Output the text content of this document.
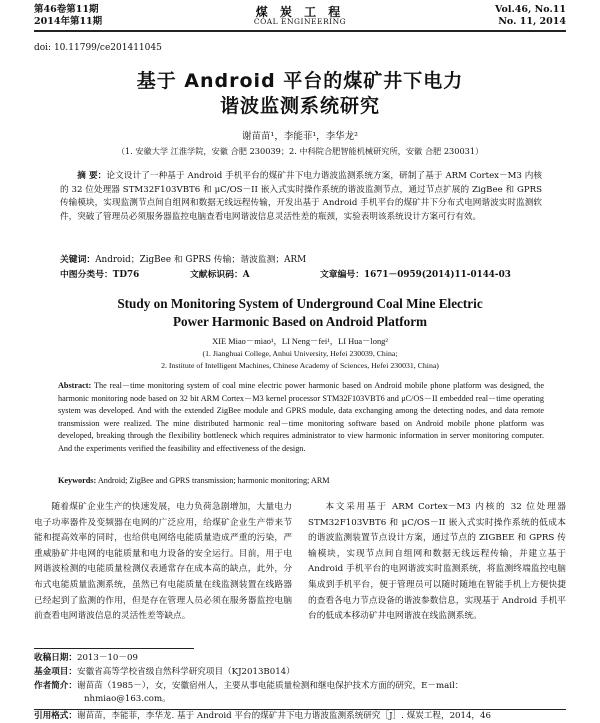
第46卷第11期
2014年第11期
煤 炭 工 程
COAL ENGINEERING
Vol.46, No.11
No. 11, 2014
doi: 10.11799/ce201411045
基于 Android 平台的煤矿井下电力
谐波监测系统研究
谢苗苗¹，李能菲¹，李华龙²
（1. 安徽大学 江淮学院，安徽 合肥 230039；2. 中科院合肥智能机械研究所，安徽 合肥 230031）
摘 要：论文设计了一种基于 Android 手机平台的煤矿井下电力谐波监测系统方案，研制了基于 ARM Cortex－M3 内核的 32 位处理器 STM32F103VBT6 和 μC/OS－II 嵌入式实时操作系统的谐波监测节点，通过节点扩展的 ZigBee 和 GPRS 传输模块，实现监测节点间自组网和数据无线远程传输，开发出基于 Android 手机平台的煤矿井下分布式电网谐波实时监测软件，突破了管理员必须服务器监控电脑查看电网谐波信息灵活性差的瓶颈，实验表明该系统设计方案可行有效。
关键词：Android；ZigBee 和 GPRS 传输；谐波监测；ARM
中图分类号：TD76	文献标识码：A	文章编号：1671－0959(2014)11-0144-03
Study on Monitoring System of Underground Coal Mine Electric
Power Harmonic Based on Android Platform
XIE Miao－miao¹，LI Neng－fei¹，LI Hua－long²
(1. Jianghuai College, Anhui University, Hefei 230039, China;
2. Institute of Intelligent Machines, Chinese Academy of Sciences, Hefei 230031, China)
Abstract: The real－time monitoring system of coal mine electric power harmonic based on Android mobile phone platform was designed, the harmonic monitoring node based on 32 bit ARM Cortex－M3 kernel processor STM32F103VBT6 and μC/OS－II embedded real－time operating system was developed. And with the extended ZigBee module and GPRS module, data exchanging among the detecting nodes, and data remote transmission were realized. The mine distributed harmonic real－time monitoring software based on Android mobile phone platform was developed, breaking through the flexibility bottleneck which requires administrator to view harmonic information in server monitoring computer. And the experiments verified the feasibility and effectiveness of the design.
Keywords: Android; ZigBee and GPRS transmission; harmonic monitoring; ARM
随着煤矿企业生产的快速发展，电力负荷急剧增加，大量电力电子功率器件及变频器在电网的广泛应用，给煤矿企业生产带来节能和提高效率的同时，也给供电网络电能质量造成严重的污染，严重威胁矿井电网的电能质量和电力设备的安全运行。目前，用于电网谐波检测的电能质量检测仪表通常存在成本高的缺点，此外，分布式电能质量监测系统，虽然已有电能质量在线监测装置在线路器已经起到了监测的作用，但是存在管理人员必须在服务器监控电脑前查看电网谐波信息的灵活性差等缺点。
本文采用基于 ARM Cortex－M3 内核的 32 位处理器 STM32F103VBT6 和 μC/OS－II 嵌入式实时操作系统的低成本的谐波监测装置节点设计方案，通过节点的 ZIGBEE 和 GPRS 传输模块，实现节点间自组网和数据无线远程传输，并建立基于 Android 手机平台的电网谐波实时监测系统，将监测终端监控电脑集成到手机平台，便于管理员可以随时随地在智能手机上方便快捷的查看各电力节点设备的谐波参数信息，实现基于 Android 手机平台的低成本移动矿井电网谐波在线监测系统。
收稿日期：2013－10－09
基金项目：安徽省高等学校省级自然科学研究项目（KJ2013B014）
作者简介：谢苗苗（1985－），女，安徽宿州人，主要从事电能质量检测和继电保护技术方面的研究，E－mail：
nhmiao@163.com。
引用格式：谢苗苗，李能菲，李华龙. 基于 Android 平台的煤矿井下电力谐波监测系统研究［J］. 煤炭工程，2014，46
